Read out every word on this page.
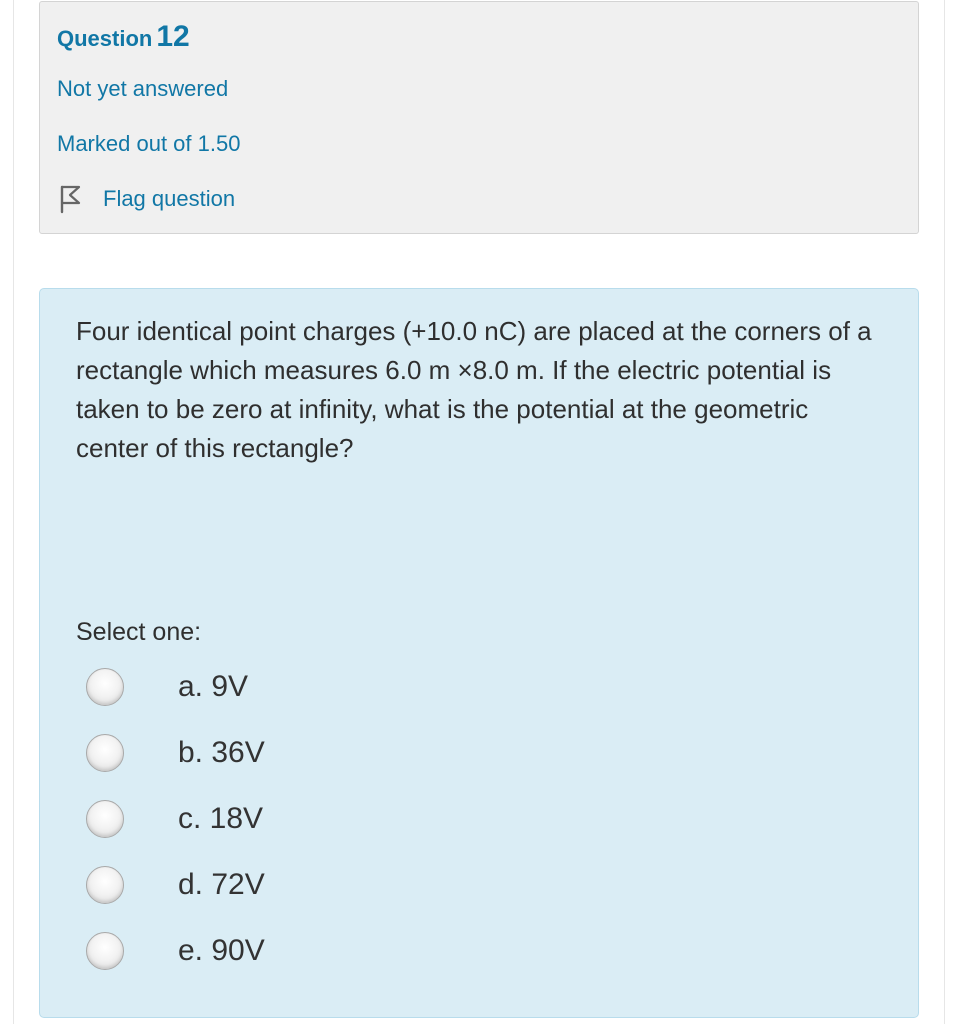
Question 12
Not yet answered
Marked out of 1.50
Flag question
Four identical point charges (+10.0 nC) are placed at the corners of a rectangle which measures 6.0 m ×8.0 m. If the electric potential is taken to be zero at infinity, what is the potential at the geometric center of this rectangle?
Select one:
a. 9V
b. 36V
c. 18V
d. 72V
e. 90V
